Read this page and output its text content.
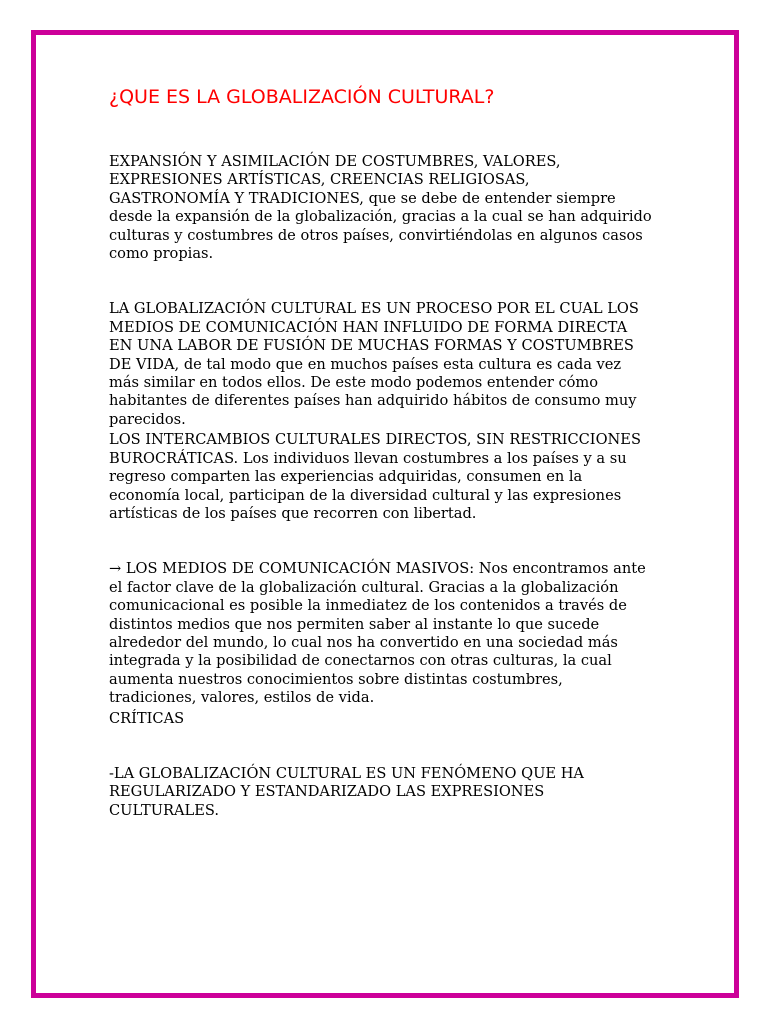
¿QUE ES LA GLOBALIZACIÓN CULTURAL?

EXPANSIÓN Y ASIMILACIÓN DE COSTUMBRES, VALORES, EXPRESIONES ARTÍSTICAS, CREENCIAS RELIGIOSAS, GASTRONOMÍA Y TRADICIONES, que se debe de entender siempre desde la expansión de la globalización, gracias a la cual se han adquirido culturas y costumbres de otros países, convirtiéndolas en algunos casos como propias.

LA GLOBALIZACIÓN CULTURAL ES UN PROCESO POR EL CUAL LOS MEDIOS DE COMUNICACIÓN HAN INFLUIDO DE FORMA DIRECTA EN UNA LABOR DE FUSIÓN DE MUCHAS FORMAS Y COSTUMBRES DE VIDA, de tal modo que en muchos países esta cultura es cada vez más similar en todos ellos. De este modo podemos entender cómo habitantes de diferentes países han adquirido hábitos de consumo muy parecidos.

LOS INTERCAMBIOS CULTURALES DIRECTOS, SIN RESTRICCIONES BUROCRÁTICAS. Los individuos llevan costumbres a los países y a su regreso comparten las experiencias adquiridas, consumen en la economía local, participan de la diversidad cultural y las expresiones artísticas de los países que recorren con libertad.

→ LOS MEDIOS DE COMUNICACIÓN MASIVOS: Nos encontramos ante el factor clave de la globalización cultural. Gracias a la globalización comunicacional es posible la inmediatez de los contenidos a través de distintos medios que nos permiten saber al instante lo que sucede alrededor del mundo, lo cual nos ha convertido en una sociedad más integrada y la posibilidad de conectarnos con otras culturas, la cual aumenta nuestros conocimientos sobre distintas costumbres, tradiciones, valores, estilos de vida.

CRÍTICAS

-LA GLOBALIZACIÓN CULTURAL ES UN FENÓMENO QUE HA REGULARIZADO Y ESTANDARIZADO LAS EXPRESIONES CULTURALES.
